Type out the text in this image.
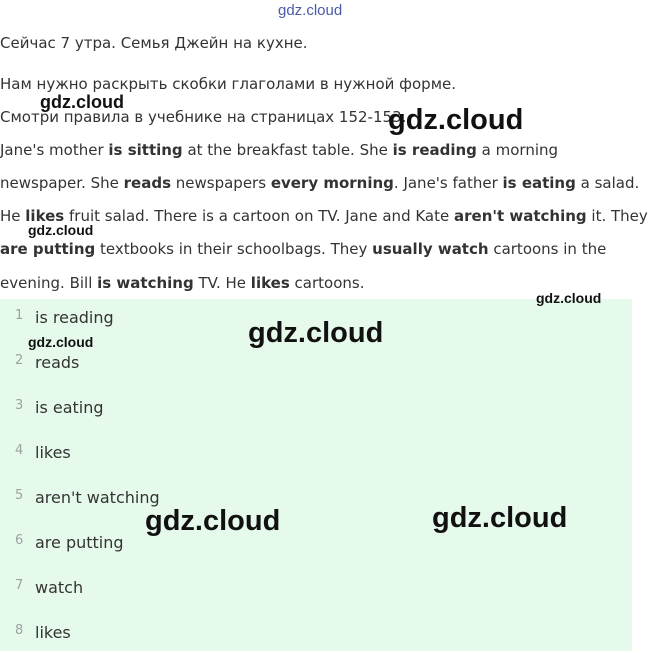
gdz.cloud
Сейчас 7 утра. Семья Джейн на кухне.
Нам нужно раскрыть скобки глаголами в нужной форме.
Смотри правила в учебнике на страницах 152-153.
Jane's mother is sitting at the breakfast table. She is reading a morning
newspaper. She reads newspapers every morning. Jane's father is eating a salad.
He likes fruit salad. There is a cartoon on TV. Jane and Kate aren't watching it. They
are putting textbooks in their schoolbags. They usually watch cartoons in the
evening. Bill is watching TV. He likes cartoons.
1 is reading
2 reads
3 is eating
4 likes
5 aren't watching
6 are putting
7 watch
8 likes
gdz.cloud
gdz.cloud
gdz.cloud
gdz.cloud
gdz.cloud
gdz.cloud
gdz.cloud	gdz.cloud
